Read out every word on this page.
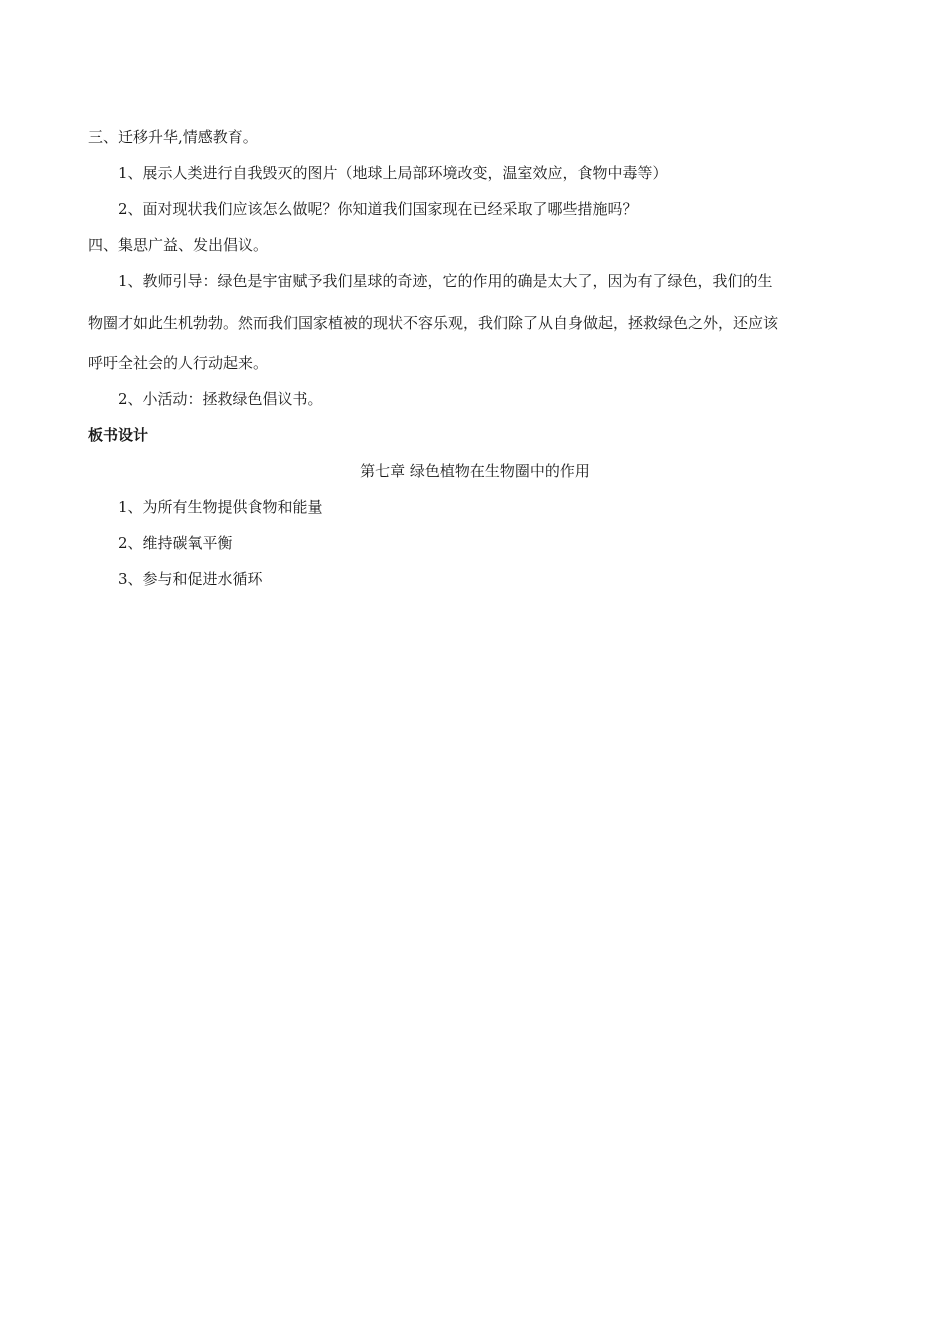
三、迁移升华,情感教育。

1、展示人类进行自我毁灭的图片（地球上局部环境改变，温室效应，食物中毒等）

2、面对现状我们应该怎么做呢？你知道我们国家现在已经采取了哪些措施吗？

四、集思广益、发出倡议。

1、教师引导：绿色是宇宙赋予我们星球的奇迹，它的作用的确是太大了，因为有了绿色，我们的生

物圈才如此生机勃勃。然而我们国家植被的现状不容乐观，我们除了从自身做起，拯救绿色之外，还应该

呼吁全社会的人行动起来。

2、小活动：拯救绿色倡议书。

板书设计

第七章 绿色植物在生物圈中的作用

1、为所有生物提供食物和能量

2、维持碳氧平衡

3、参与和促进水循环
